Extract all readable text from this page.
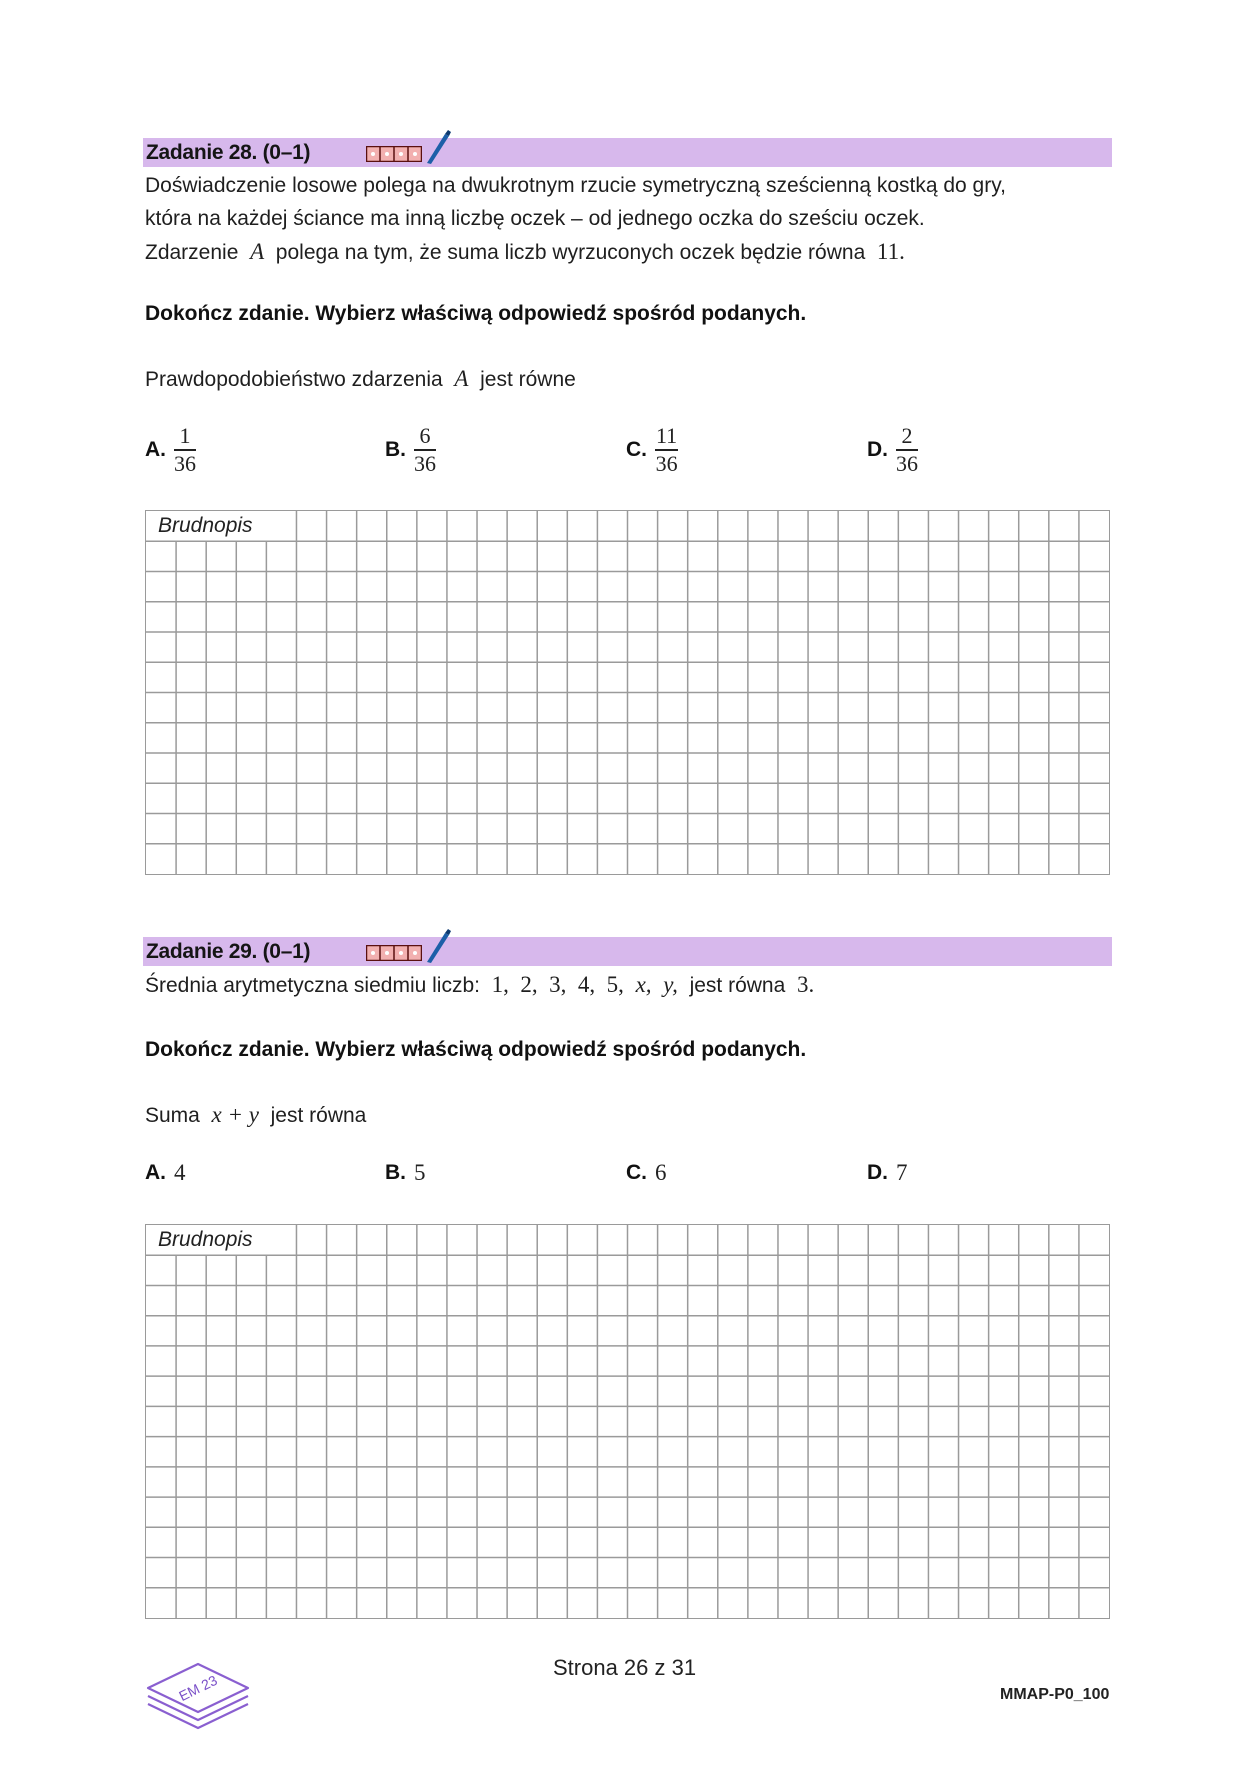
Zadanie 28. (0–1)
Doświadczenie losowe polega na dwukrotnym rzucie symetryczną sześcienną kostką do gry,
która na każdej ściance ma inną liczbę oczek – od jednego oczka do sześciu oczek.
Zdarzenie A polega na tym, że suma liczb wyrzuconych oczek będzie równa 11.
Dokończ zdanie. Wybierz właściwą odpowiedź spośród podanych.
Prawdopodobieństwo zdarzenia A jest równe
A. $\frac{1}{36}$	B. $\frac{6}{36}$	C. $\frac{11}{36}$	D. $\frac{2}{36}$
Brudnopis
Zadanie 29. (0–1)
Średnia arytmetyczna siedmiu liczb: 1,  2,  3,  4,  5, x, y, jest równa 3.
Dokończ zdanie. Wybierz właściwą odpowiedź spośród podanych.
Suma x + y jest równa
A. 4	B. 5	C. 6	D. 7
Brudnopis
EM 23
Strona 26 z 31
MMAP-P0_100
